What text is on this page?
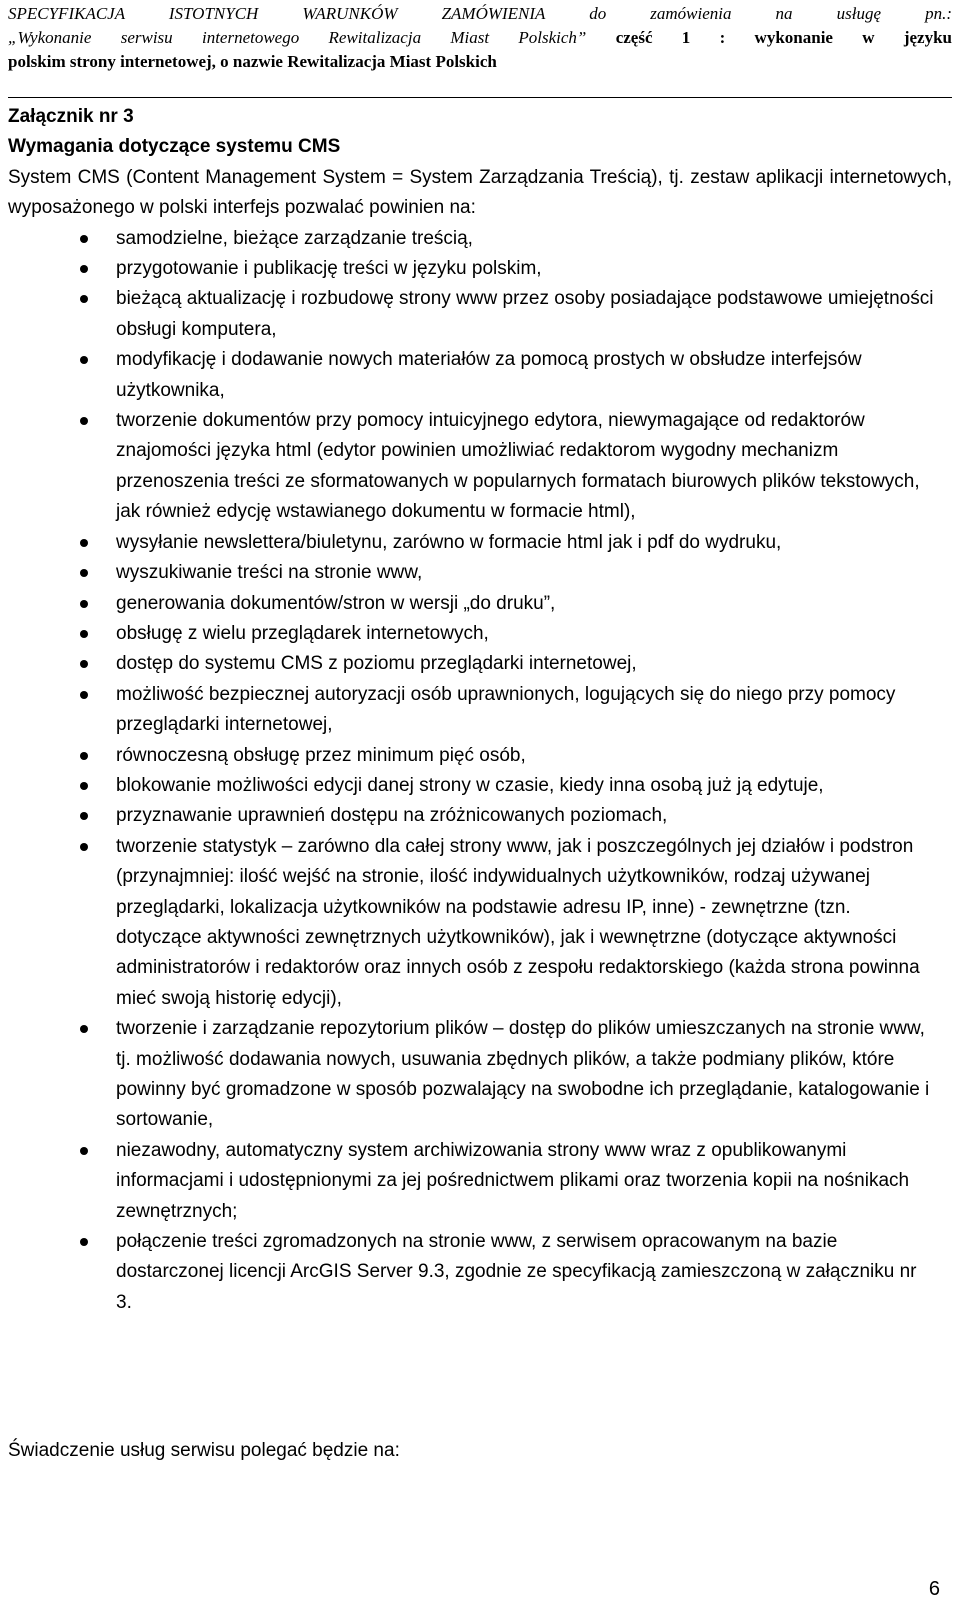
SPECYFIKACJA ISTOTNYCH WARUNKÓW ZAMÓWIENIA do zamówienia na usługę pn.:
„Wykonanie serwisu internetowego Rewitalizacja Miast Polskich” część 1 : wykonanie w języku
polskim strony internetowej, o nazwie Rewitalizacja Miast Polskich

Załącznik nr 3

Wymagania dotyczące systemu CMS

System CMS (Content Management System = System Zarządzania Treścią), tj. zestaw aplikacji internetowych, wyposażonego w polski interfejs pozwalać powinien na:

samodzielne, bieżące zarządzanie treścią,
przygotowanie i publikację treści w języku polskim,
bieżącą aktualizację i rozbudowę strony www przez osoby posiadające podstawowe umiejętności obsługi komputera,
modyfikację i dodawanie nowych materiałów za pomocą prostych w obsłudze interfejsów użytkownika,
tworzenie dokumentów przy pomocy intuicyjnego edytora, niewymagające od redaktorów znajomości języka html (edytor powinien umożliwiać redaktorom wygodny mechanizm przenoszenia treści ze sformatowanych w popularnych formatach biurowych plików tekstowych, jak również edycję wstawianego dokumentu w formacie html),
wysyłanie newslettera/biuletynu, zarówno w formacie html jak i pdf do wydruku,
wyszukiwanie treści na stronie www,
generowania dokumentów/stron w wersji „do druku”,
obsługę z wielu przeglądarek internetowych,
dostęp do systemu CMS z poziomu przeglądarki internetowej,
możliwość bezpiecznej autoryzacji osób uprawnionych, logujących się do niego przy pomocy przeglądarki internetowej,
równoczesną obsługę przez minimum pięć osób,
blokowanie możliwości edycji danej strony w czasie, kiedy inna osobą już ją edytuje,
przyznawanie uprawnień dostępu na zróżnicowanych poziomach,
tworzenie statystyk – zarówno dla całej strony www, jak i poszczególnych jej działów i podstron (przynajmniej: ilość wejść na stronie, ilość indywidualnych użytkowników, rodzaj używanej przeglądarki, lokalizacja użytkowników na podstawie adresu IP, inne) - zewnętrzne (tzn. dotyczące aktywności zewnętrznych użytkowników), jak i wewnętrzne (dotyczące aktywności administratorów i redaktorów oraz innych osób z zespołu redaktorskiego (każda strona powinna mieć swoją historię edycji),
tworzenie i zarządzanie repozytorium plików – dostęp do plików umieszczanych na stronie www, tj. możliwość dodawania nowych, usuwania zbędnych plików, a także podmiany plików, które powinny być gromadzone w sposób pozwalający na swobodne ich przeglądanie, katalogowanie i sortowanie,
niezawodny, automatyczny system archiwizowania strony www wraz z opublikowanymi informacjami i udostępnionymi za jej pośrednictwem plikami oraz tworzenia kopii na nośnikach zewnętrznych;
połączenie treści zgromadzonych na stronie www, z serwisem opracowanym na bazie dostarczonej licencji ArcGIS Server 9.3, zgodnie ze specyfikacją zamieszczoną w załączniku nr 3.

Świadczenie usług serwisu polegać będzie na:

6
